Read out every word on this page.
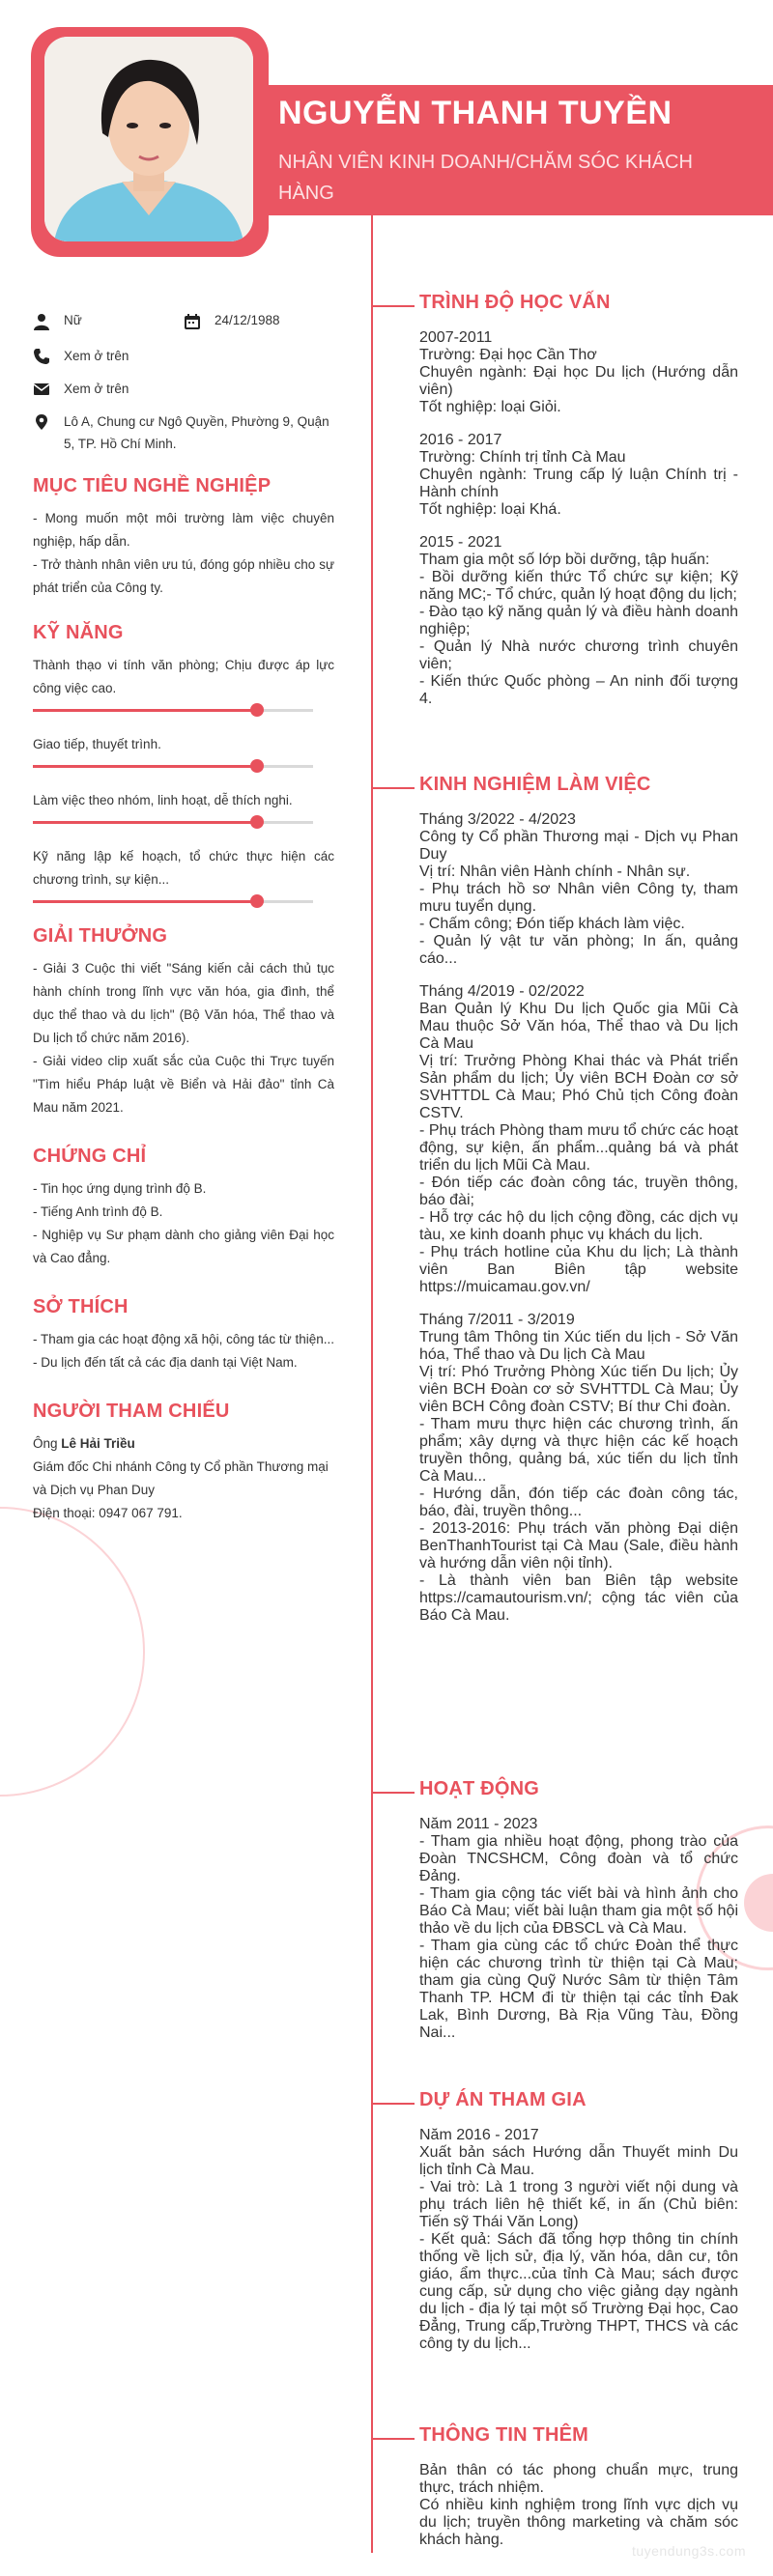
NGUYỄN THANH TUYỀN
NHÂN VIÊN KINH DOANH/CHĂM SÓC KHÁCH HÀNG
Nữ	24/12/1988
Xem ở trên
Xem ở trên
Lô A, Chung cư Ngô Quyền, Phường 9, Quận 5, TP. Hồ Chí Minh.
MỤC TIÊU NGHỀ NGHIỆP
- Mong muốn một môi trường làm việc chuyên nghiệp, hấp dẫn.
- Trở thành nhân viên ưu tú, đóng góp nhiều cho sự phát triển của Công ty.
KỸ NĂNG
Thành thạo vi tính văn phòng; Chịu được áp lực công việc cao.
Giao tiếp, thuyết trình.
Làm việc theo nhóm, linh hoạt, dễ thích nghi.
Kỹ năng lập kế hoạch, tổ chức thực hiện các chương trình, sự kiện...
GIẢI THƯỞNG
- Giải 3 Cuộc thi viết "Sáng kiến cải cách thủ tục hành chính trong lĩnh vực văn hóa, gia đình, thể dục thể thao và du lịch" (Bộ Văn hóa, Thể thao và Du lịch tổ chức năm 2016).
- Giải video clip xuất sắc của Cuộc thi Trực tuyến "Tìm hiểu Pháp luật về Biển và Hải đảo" tỉnh Cà Mau năm 2021.
CHỨNG CHỈ
- Tin học ứng dụng trình độ B.
- Tiếng Anh trình độ B.
- Nghiệp vụ Sư phạm dành cho giảng viên Đại học và Cao đẳng.
SỞ THÍCH
- Tham gia các hoạt động xã hội, công tác từ thiện...
- Du lịch đến tất cả các địa danh tại Việt Nam.
NGƯỜI THAM CHIẾU
Ông Lê Hải Triều
Giám đốc Chi nhánh Công ty Cổ phần Thương mại và Dịch vụ Phan Duy
Điện thoại: 0947 067 791.
TRÌNH ĐỘ HỌC VẤN
2007-2011
Trường: Đại học Cần Thơ
Chuyên ngành: Đại học Du lịch (Hướng dẫn viên)
Tốt nghiệp: loại Giỏi.
2016 - 2017
Trường: Chính trị tỉnh Cà Mau
Chuyên ngành: Trung cấp lý luận Chính trị - Hành chính
Tốt nghiệp: loại Khá.
2015 - 2021
Tham gia một số lớp bồi dưỡng, tập huấn:
- Bồi dưỡng kiến thức Tổ chức sự kiện; Kỹ năng MC;- Tổ chức, quản lý hoạt động du lịch;
- Đào tạo kỹ năng quản lý và điều hành doanh nghiệp;
- Quản lý Nhà nước chương trình chuyên viên;
- Kiến thức Quốc phòng – An ninh đối tượng 4.
KINH NGHIỆM LÀM VIỆC
Tháng 3/2022 - 4/2023
Công ty Cổ phần Thương mại - Dịch vụ Phan Duy
Vị trí: Nhân viên Hành chính - Nhân sự.
- Phụ trách hồ sơ Nhân viên Công ty, tham mưu tuyển dụng.
- Chấm công; Đón tiếp khách làm việc.
- Quản lý vật tư văn phòng; In ấn, quảng cáo...
Tháng 4/2019 - 02/2022
Ban Quản lý Khu Du lịch Quốc gia Mũi Cà Mau thuộc Sở Văn hóa, Thể thao và Du lịch Cà Mau
Vị trí: Trưởng Phòng Khai thác và Phát triển Sản phẩm du lịch; Ủy viên BCH Đoàn cơ sở SVHTTDL Cà Mau; Phó Chủ tịch Công đoàn CSTV.
- Phụ trách Phòng tham mưu tổ chức các hoạt động, sự kiện, ấn phẩm...quảng bá và phát triển du lịch Mũi Cà Mau.
- Đón tiếp các đoàn công tác, truyền thông, báo đài;
- Hỗ trợ các hộ du lịch cộng đồng, các dịch vụ tàu, xe kinh doanh phục vụ khách du lịch.
- Phụ trách hotline của Khu du lịch; Là thành viên Ban Biên tập website https://muicamau.gov.vn/
Tháng 7/2011 - 3/2019
Trung tâm Thông tin Xúc tiến du lịch - Sở Văn hóa, Thể thao và Du lịch Cà Mau
Vị trí: Phó Trưởng Phòng Xúc tiến Du lịch; Ủy viên BCH Đoàn cơ sở SVHTTDL Cà Mau; Ủy viên BCH Công đoàn CSTV; Bí thư Chi đoàn.
- Tham mưu thực hiện các chương trình, ấn phẩm; xây dựng và thực hiện các kế hoạch truyền thông, quảng bá, xúc tiến du lịch tỉnh Cà Mau...
- Hướng dẫn, đón tiếp các đoàn công tác, báo, đài, truyền thông...
- 2013-2016: Phụ trách văn phòng Đại diện BenThanhTourist tại Cà Mau (Sale, điều hành và hướng dẫn viên nội tỉnh).
- Là thành viên ban Biên tập website https://camautourism.vn/; cộng tác viên của Báo Cà Mau.
HOẠT ĐỘNG
Năm 2011 - 2023
- Tham gia nhiều hoạt động, phong trào của Đoàn TNCSHCM, Công đoàn và tổ chức Đảng.
- Tham gia cộng tác viết bài và hình ảnh cho Báo Cà Mau; viết bài luận tham gia một số hội thảo về du lịch của ĐBSCL và Cà Mau.
- Tham gia cùng các tổ chức Đoàn thể thực hiện các chương trình từ thiện tại Cà Mau; tham gia cùng Quỹ Nước Sâm từ thiện Tâm Thanh TP. HCM đi từ thiện tại các tỉnh Đak Lak, Bình Dương, Bà Rịa Vũng Tàu, Đồng Nai...
DỰ ÁN THAM GIA
Năm 2016 - 2017
Xuất bản sách Hướng dẫn Thuyết minh Du lịch tỉnh Cà Mau.
- Vai trò: Là 1 trong 3 người viết nội dung và phụ trách liên hệ thiết kế, in ấn (Chủ biên: Tiến sỹ Thái Văn Long)
- Kết quả: Sách đã tổng hợp thông tin chính thống về lịch sử, địa lý, văn hóa, dân cư, tôn giáo, ẩm thực...của tỉnh Cà Mau; sách được cung cấp, sử dụng cho việc giảng dạy ngành du lịch - địa lý tại một số Trường Đại học, Cao Đẳng, Trung cấp,Trường THPT, THCS và các công ty du lịch...
THÔNG TIN THÊM
Bản thân có tác phong chuẩn mực, trung thực, trách nhiệm.
Có nhiều kinh nghiệm trong lĩnh vực dịch vụ du lịch; truyền thông marketing và chăm sóc khách hàng.
tuyendung3s.com
